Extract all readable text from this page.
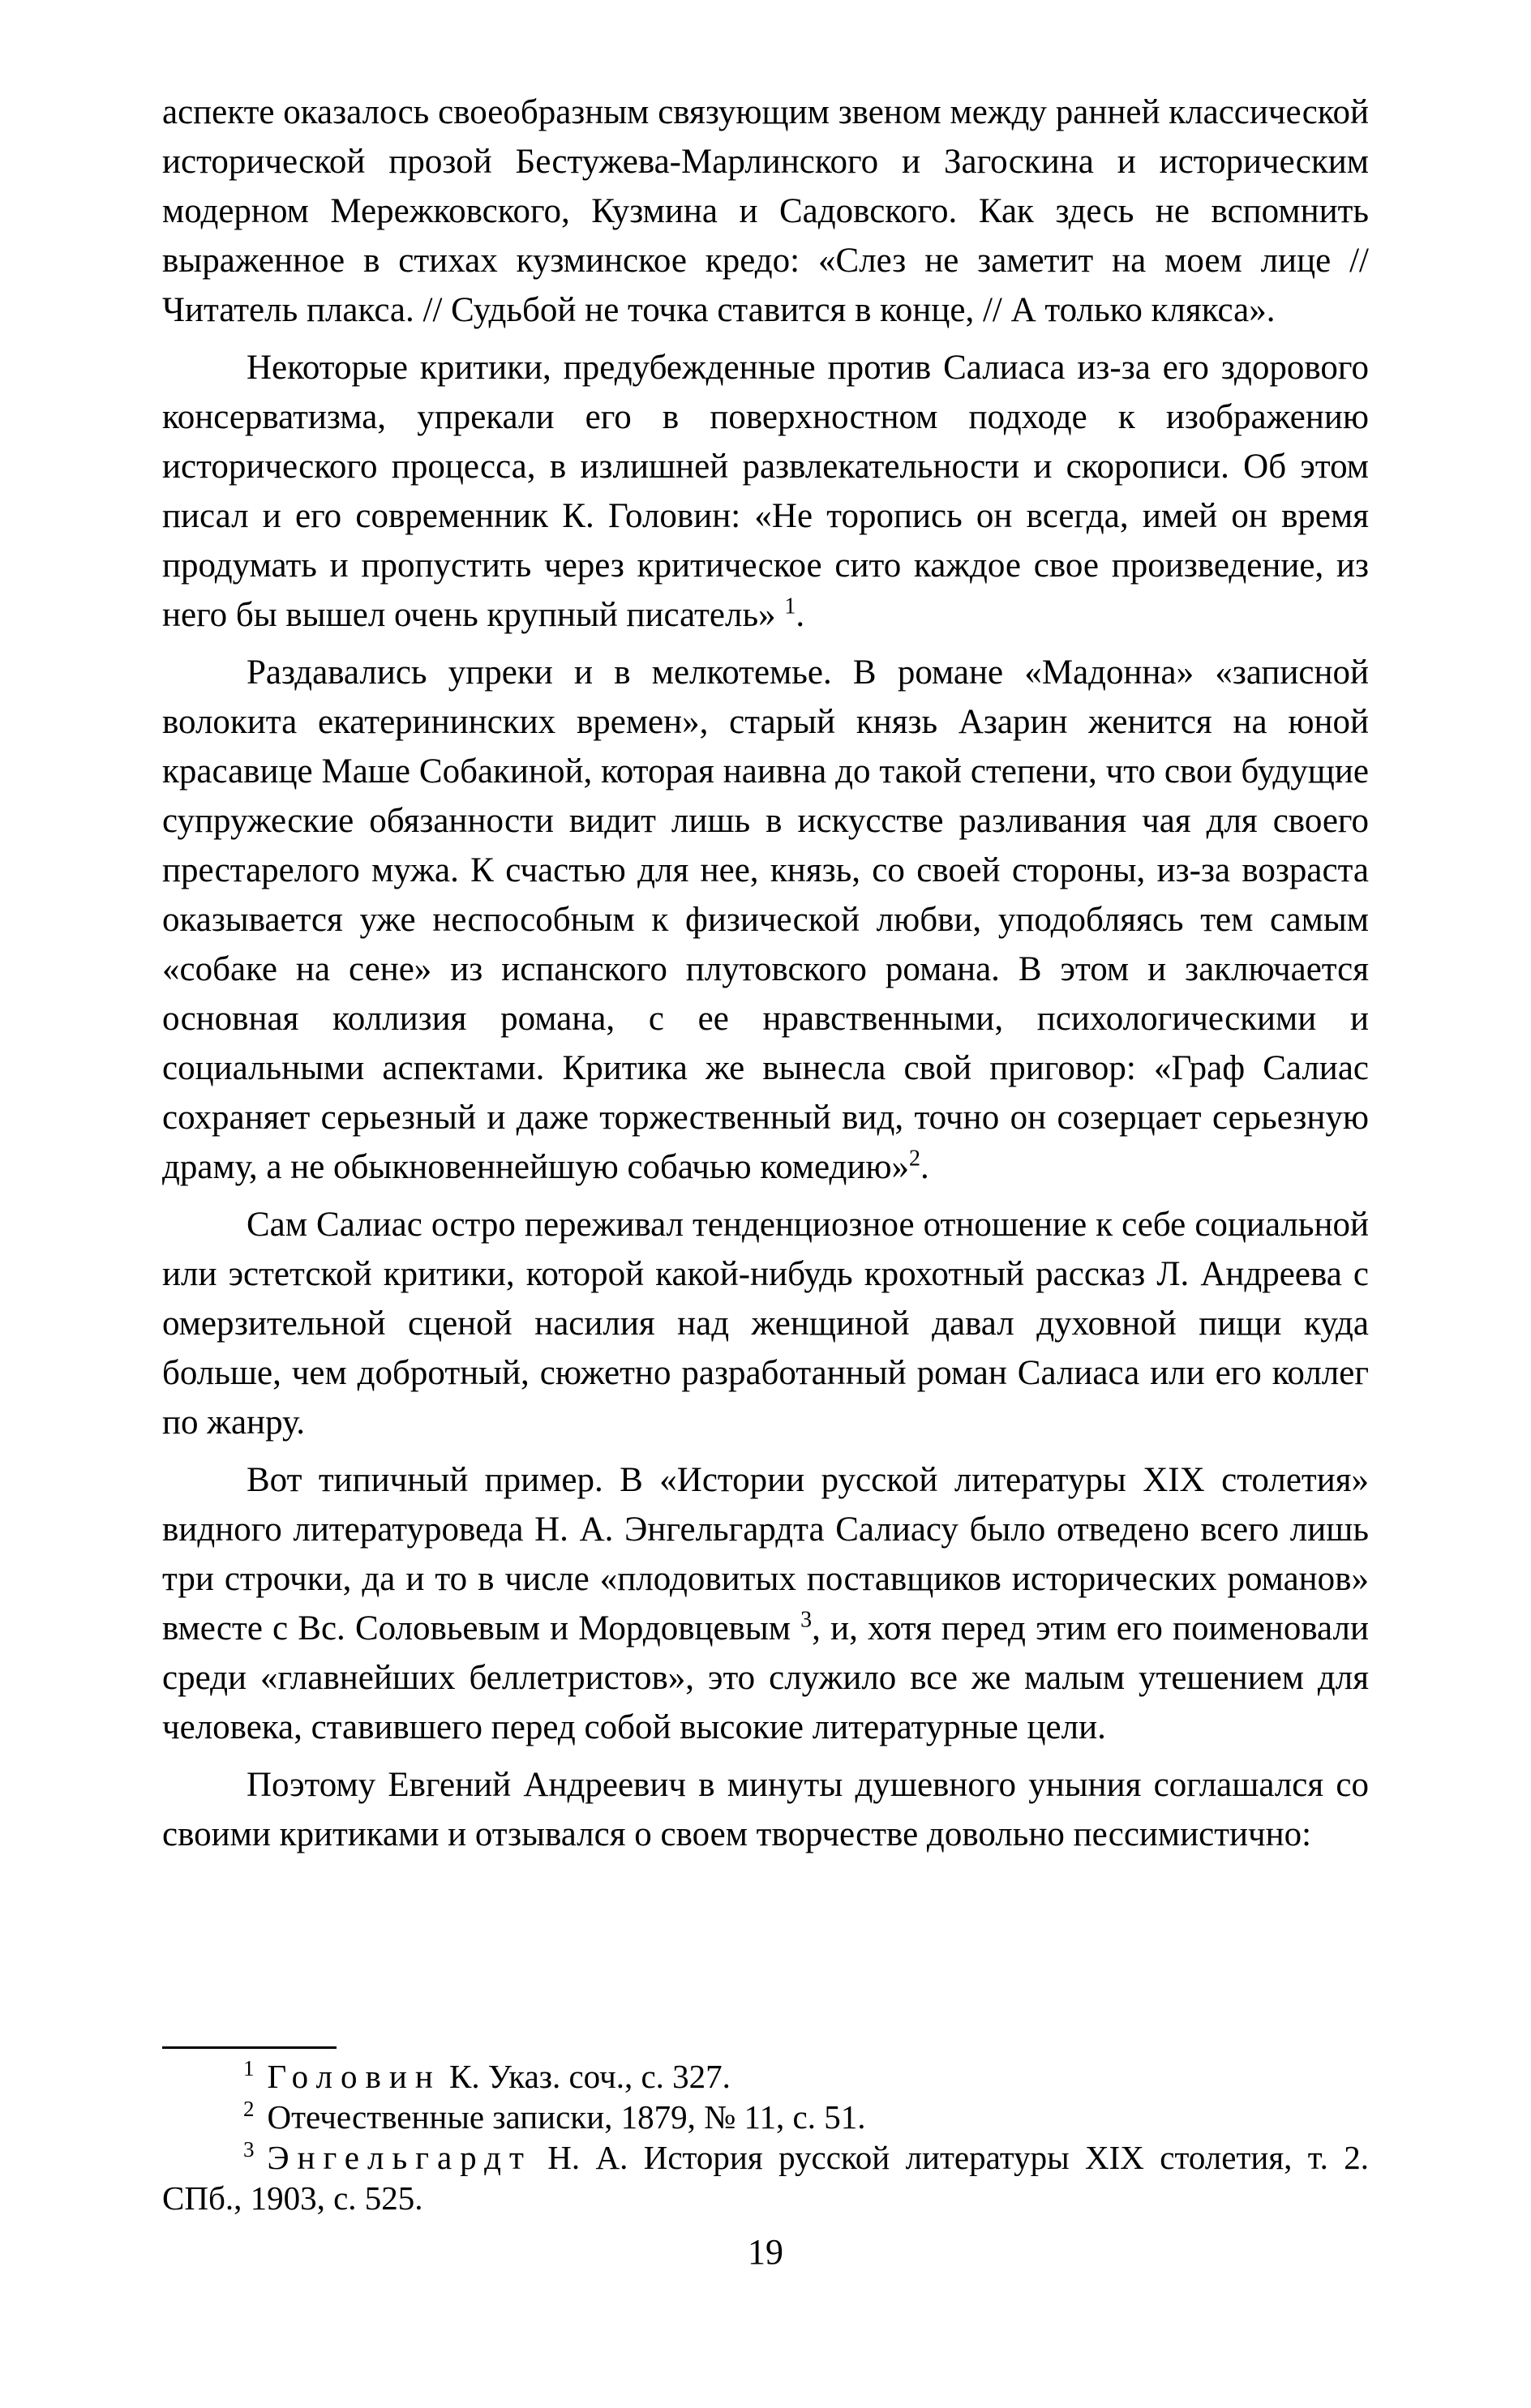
аспекте оказалось своеобразным связующим звеном между ранней классической исторической прозой Бестужева-Марлинского и Загоскина и историческим модерном Мережковского, Кузмина и Садовского. Как здесь не вспомнить выраженное в стихах кузминское кредо: «Слез не заметит на моем лице // Читатель плакса. // Судьбой не точка ставится в конце, // А только клякса».

Некоторые критики, предубежденные против Салиаса из-за его здорового консерватизма, упрекали его в поверхностном подходе к изображению исторического процесса, в излишней развлекательности и скорописи. Об этом писал и его современник К. Головин: «Не торопись он всегда, имей он время продумать и пропустить через критическое сито каждое свое произведение, из него бы вышел очень крупный писатель» $^1$.

Раздавались упреки и в мелкотемье. В романе «Мадонна» «записной волокита екатерининских времен», старый князь Азарин женится на юной красавице Маше Собакиной, которая наивна до такой степени, что свои будущие супружеские обязанности видит лишь в искусстве разливания чая для своего престарелого мужа. К счастью для нее, князь, со своей стороны, из-за возраста оказывается уже неспособным к физической любви, уподобляясь тем самым «собаке на сене» из испанского плутовского романа. В этом и заключается основная коллизия романа, с ее нравственными, психологическими и социальными аспектами. Критика же вынесла свой приговор: «Граф Салиас сохраняет серьезный и даже торжественный вид, точно он созерцает серьезную драму, а не обыкновеннейшую собачью комедию»$^2$.

Сам Салиас остро переживал тенденциозное отношение к себе социальной или эстетской критики, которой какой-нибудь крохотный рассказ Л. Андреева с омерзительной сценой насилия над женщиной давал духовной пищи куда больше, чем добротный, сюжетно разработанный роман Салиаса или его коллег по жанру.

Вот типичный пример. В «Истории русской литературы XIX столетия» видного литературоведа Н. А. Энгельгардта Салиасу было отведено всего лишь три строчки, да и то в числе «плодовитых поставщиков исторических романов» вместе с Вс. Соловьевым и Мордовцевым $^3$, и, хотя перед этим его поименовали среди «главнейших беллетристов», это служило все же малым утешением для человека, ставившего перед собой высокие литературные цели.

Поэтому Евгений Андреевич в минуты душевного уныния соглашался со своими критиками и отзывался о своем творчестве довольно пессимистично:

$^1$ Головин К. Указ. соч., с. 327.

$^2$ Отечественные записки, 1879, № 11, с. 51.

$^3$ Энгельгардт Н. А. История русской литературы XIX столетия, т. 2. СПб., 1903, с. 525.

19
